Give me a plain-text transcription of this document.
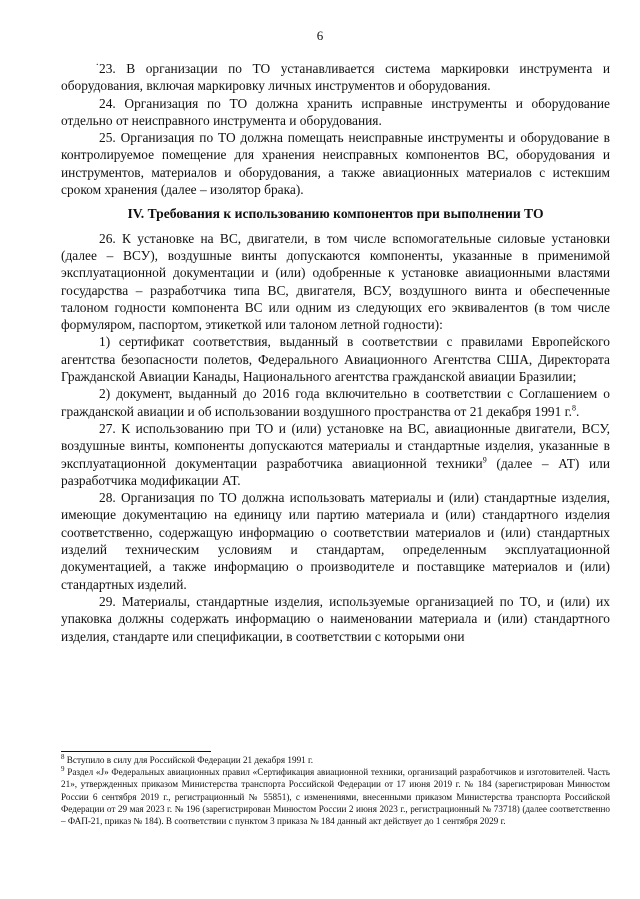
6
. 23. В организации по ТО устанавливается система маркировки инструмента и оборудования, включая маркировку личных инструментов и оборудования.

24. Организация по ТО должна хранить исправные инструменты и оборудование отдельно от неисправного инструмента и оборудования.

25. Организация по ТО должна помещать неисправные инструменты и оборудование в контролируемое помещение для хранения неисправных компонентов ВС, оборудования и инструментов, материалов и оборудования, а также авиационных материалов с истекшим сроком хранения (далее – изолятор брака).

IV. Требования к использованию компонентов при выполнении ТО

26. К установке на ВС, двигатели, в том числе вспомогательные силовые установки (далее – ВСУ), воздушные винты допускаются компоненты, указанные в применимой эксплуатационной документации и (или) одобренные к установке авиационными властями государства – разработчика типа ВС, двигателя, ВСУ, воздушного винта и обеспеченные талоном годности компонента ВС или одним из следующих его эквивалентов (в том числе формуляром, паспортом, этикеткой или талоном летной годности):

1) сертификат соответствия, выданный в соответствии с правилами Европейского агентства безопасности полетов, Федерального Авиационного Агентства США, Директората Гражданской Авиации Канады, Национального агентства гражданской авиации Бразилии;

2) документ, выданный до 2016 года включительно в соответствии с Соглашением о гражданской авиации и об использовании воздушного пространства от 21 декабря 1991 г.$^8$.

27. К использованию при ТО и (или) установке на ВС, авиационные двигатели, ВСУ, воздушные винты, компоненты допускаются материалы и стандартные изделия, указанные в эксплуатационной документации разработчика авиационной техники$^9$ (далее – АТ) или разработчика модификации АТ.

28. Организация по ТО должна использовать материалы и (или) стандартные изделия, имеющие документацию на единицу или партию материала и (или) стандартного изделия соответственно, содержащую информацию о соответствии материалов и (или) стандартных изделий техническим условиям и стандартам, определенным эксплуатационной документацией, а также информацию о производителе и поставщике материалов и (или) стандартных изделий.

29. Материалы, стандартные изделия, используемые организацией по ТО, и (или) их упаковка должны содержать информацию о наименовании материала и (или) стандартного изделия, стандарте или спецификации, в соответствии с которыми они

$^8$ Вступило в силу для Российской Федерации 21 декабря 1991 г.

$^9$ Раздел «J» Федеральных авиационных правил «Сертификация авиационной техники, организаций разработчиков и изготовителей. Часть 21», утвержденных приказом Министерства транспорта Российской Федерации от 17 июня 2019 г. № 184 (зарегистрирован Минюстом России 6 сентября 2019 г., регистрационный № 55851), с изменениями, внесенными приказом Министерства транспорта Российской Федерации от 29 мая 2023 г. № 196 (зарегистрирован Минюстом России 2 июня 2023 г., регистрационный № 73718) (далее соответственно – ФАП-21, приказ № 184). В соответствии с пунктом 3 приказа № 184 данный акт действует до 1 сентября 2029 г.
